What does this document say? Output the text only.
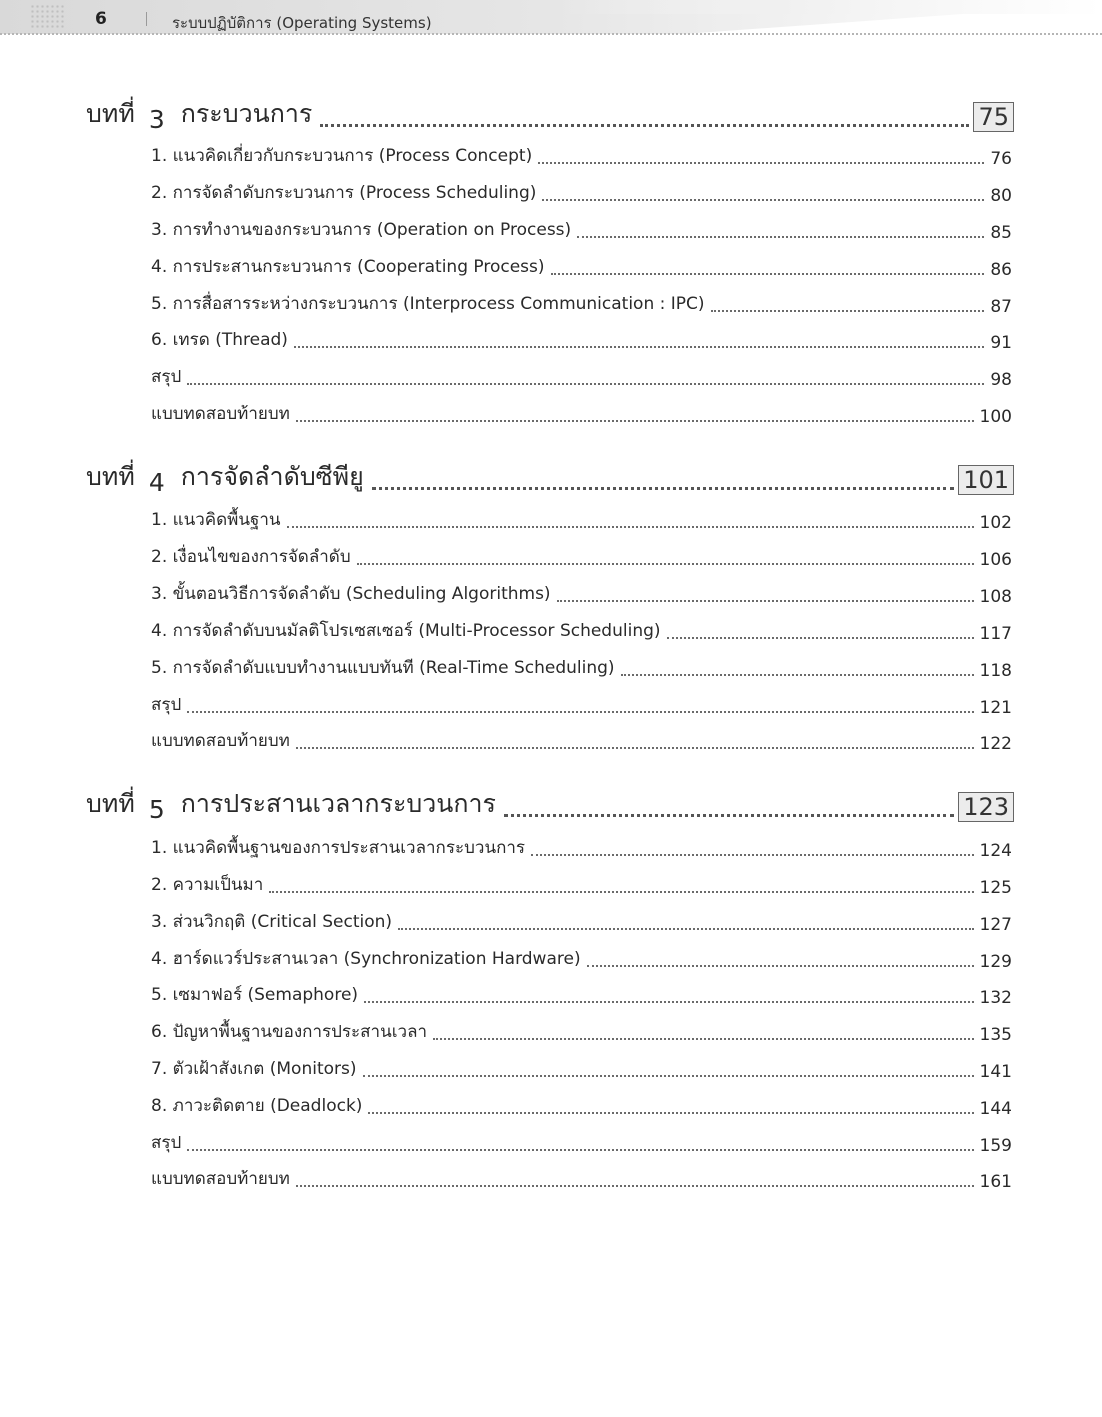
6	ระบบปฏิบัติการ (Operating Systems)
บทที่ 3 กระบวนการ	75
1. แนวคิดเกี่ยวกับกระบวนการ (Process Concept)	76
2. การจัดลำดับกระบวนการ (Process Scheduling)	80
3. การทำงานของกระบวนการ (Operation on Process)	85
4. การประสานกระบวนการ (Cooperating Process)	86
5. การสื่อสารระหว่างกระบวนการ (Interprocess Communication : IPC)	87
6. เทรด (Thread)	91
สรุป	98
แบบทดสอบท้ายบท	100
บทที่ 4 การจัดลำดับซีพียู	101
1. แนวคิดพื้นฐาน	102
2. เงื่อนไขของการจัดลำดับ	106
3. ขั้นตอนวิธีการจัดลำดับ (Scheduling Algorithms)	108
4. การจัดลำดับบนมัลติโปรเซสเซอร์ (Multi-Processor Scheduling)	117
5. การจัดลำดับแบบทำงานแบบทันที (Real-Time Scheduling)	118
สรุป	121
แบบทดสอบท้ายบท	122
บทที่ 5 การประสานเวลากระบวนการ	123
1. แนวคิดพื้นฐานของการประสานเวลากระบวนการ	124
2. ความเป็นมา	125
3. ส่วนวิกฤติ (Critical Section)	127
4. ฮาร์ดแวร์ประสานเวลา (Synchronization Hardware)	129
5. เซมาฟอร์ (Semaphore)	132
6. ปัญหาพื้นฐานของการประสานเวลา	135
7. ตัวเฝ้าสังเกต (Monitors)	141
8. ภาวะติดตาย (Deadlock)	144
สรุป	159
แบบทดสอบท้ายบท	161
